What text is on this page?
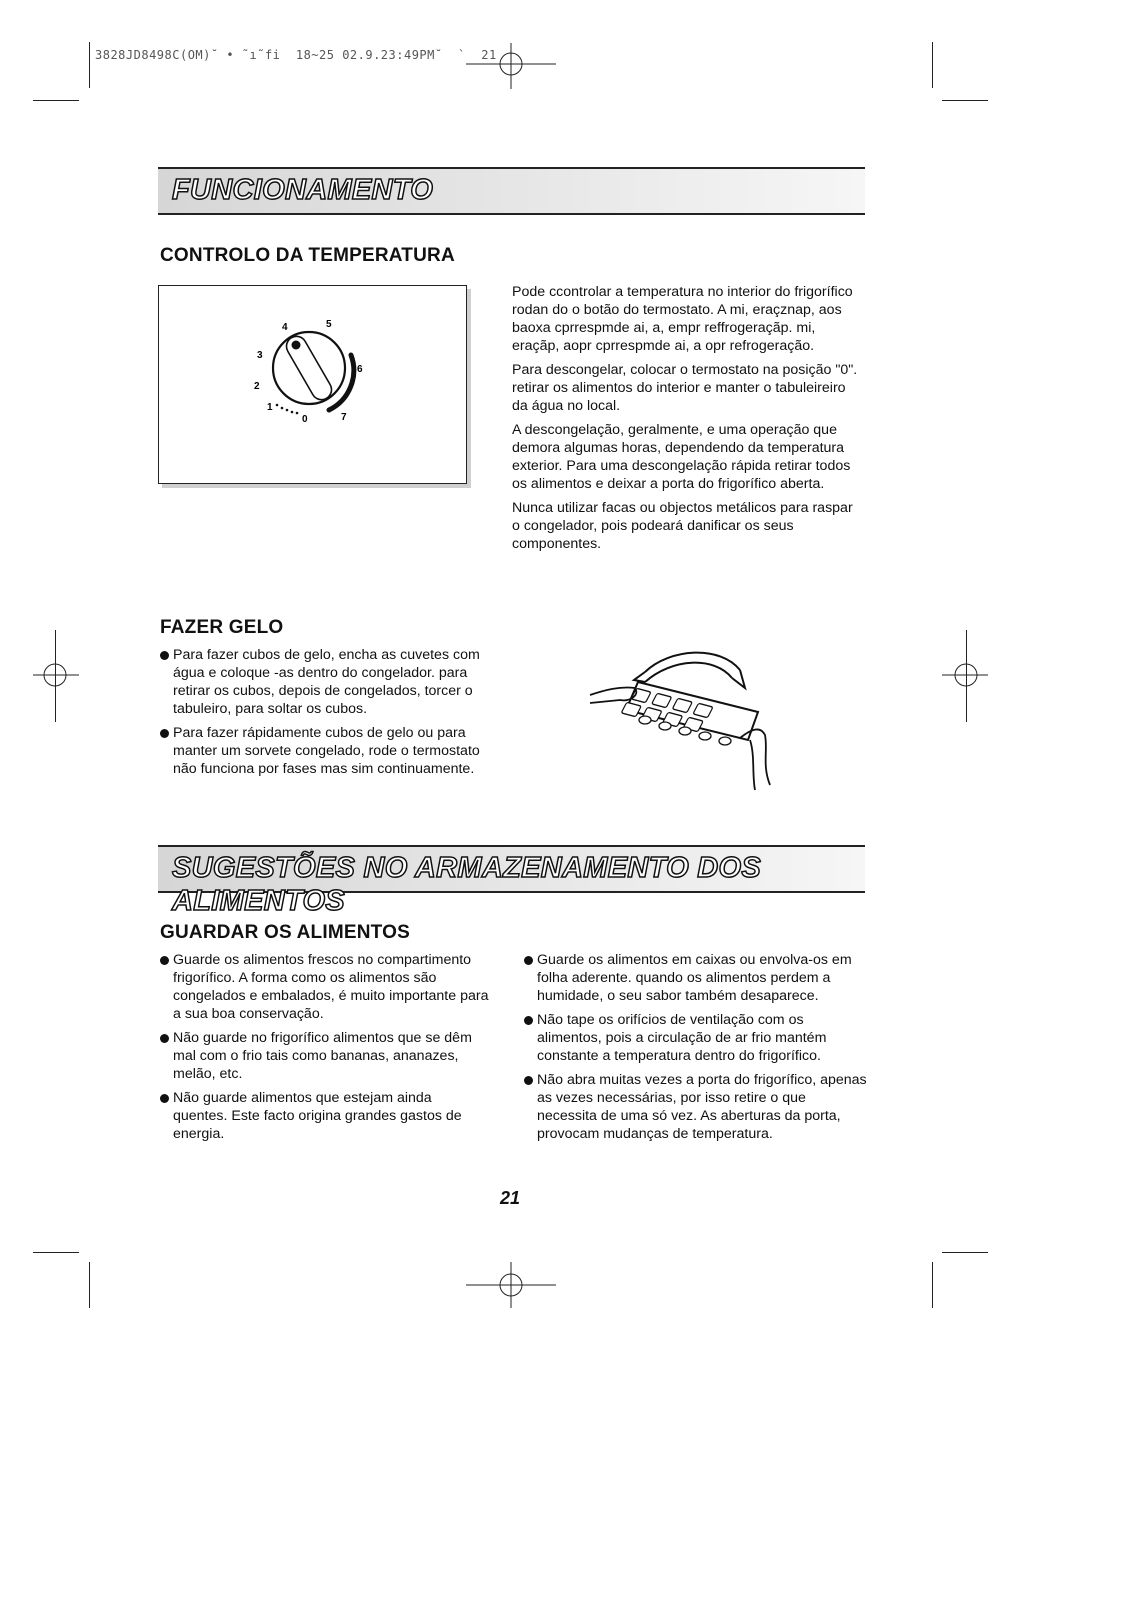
3828JD8498C(OM)˘ • ˜ı˜fi  18~25 02.9.23:49PM˘  `  21
FUNCIONAMENTO
CONTROLO DA TEMPERATURA
0
1
2
3
4	5
6
7

Pode ccontrolar a temperatura no interior do frigorífico rodan do o botão do termostato. A mi, eraçznap, aos baoxa cprrespmde ai, a, empr reffrogeraçãp. mi, eraçãp, aopr cprrespmde ai, a opr refrogeração.

Para descongelar, colocar o termostato na posição "0". retirar os alimentos do interior e manter o tabuleireiro da água no local.

A descongelação, geralmente, e uma operação que demora algumas horas, dependendo da temperatura exterior. Para uma descongelação rápida retirar todos os alimentos e deixar a porta do frigorífico aberta.

Nunca utilizar facas ou objectos metálicos para raspar o congelador, pois podeará danificar os seus componentes.

FAZER GELO
Para fazer cubos de gelo, encha as cuvetes com água e coloque -as dentro do congelador. para retirar os cubos, depois de congelados, torcer o tabuleiro, para soltar os cubos.
Para fazer rápidamente cubos de gelo ou para manter um sorvete congelado, rode o termostato não funciona por fases mas sim continuamente.
SUGESTÕES NO ARMAZENAMENTO DOS ALIMENTOS
GUARDAR OS ALIMENTOS
Guarde os alimentos frescos no compartimento frigorífico. A forma como os alimentos são congelados e embalados, é muito importante para a sua boa conservação.
Não guarde no frigorífico alimentos que se dêm mal com o frio tais como bananas, ananazes, melão, etc.
Não guarde alimentos que estejam ainda quentes. Este facto origina grandes gastos de energia.
Guarde os alimentos em caixas ou envolva-os em folha aderente. quando os alimentos perdem a humidade, o seu sabor também desaparece.
Não tape os orifícios de ventilação com os alimentos, pois a circulação de ar frio mantém constante a temperatura dentro do frigorífico.
Não abra muitas vezes a porta do frigorífico, apenas as vezes necessárias, por isso retire o que necessita de uma só vez. As aberturas da porta, provocam mudanças de temperatura.
21
